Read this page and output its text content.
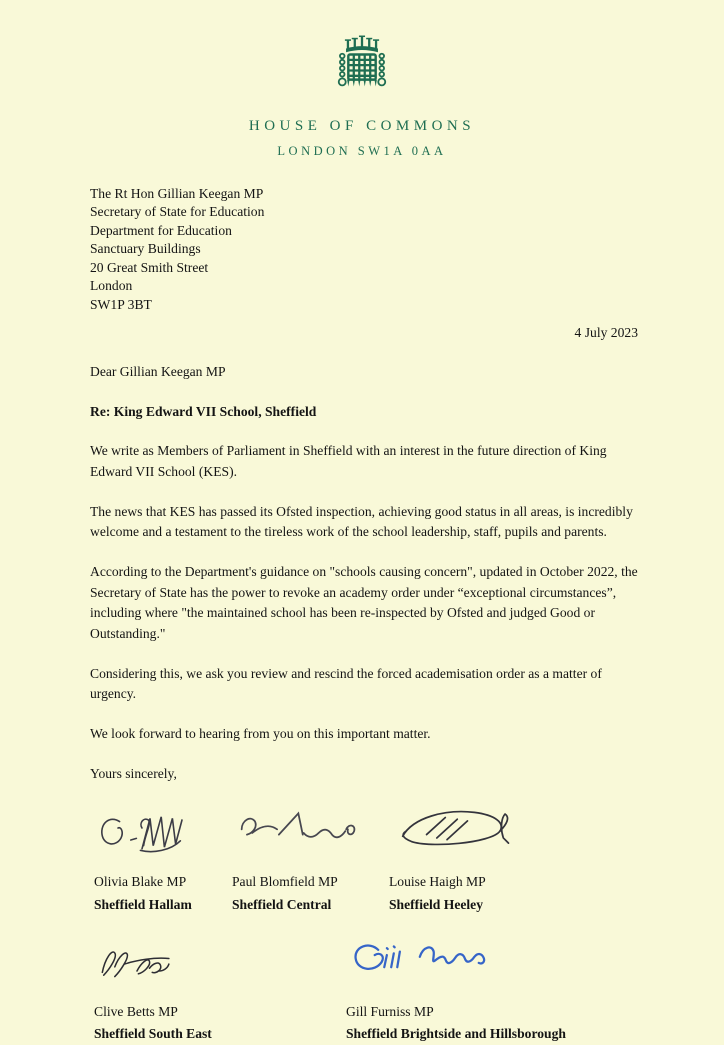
HOUSE OF COMMONS
LONDON SW1A 0AA
The Rt Hon Gillian Keegan MP
Secretary of State for Education
Department for Education
Sanctuary Buildings
20 Great Smith Street
London
SW1P 3BT
4 July 2023
Dear Gillian Keegan MP
Re: King Edward VII School, Sheffield

We write as Members of Parliament in Sheffield with an interest in the future direction of King Edward VII School (KES).

The news that KES has passed its Ofsted inspection, achieving good status in all areas, is incredibly welcome and a testament to the tireless work of the school leadership, staff, pupils and parents.

According to the Department's guidance on "schools causing concern", updated in October 2022, the Secretary of State has the power to revoke an academy order under “exceptional circumstances”, including where "the maintained school has been re-inspected by Ofsted and judged Good or Outstanding."

Considering this, we ask you review and rescind the forced academisation order as a matter of urgency.

We look forward to hearing from you on this important matter.

Yours sincerely,
Olivia Blake MP
Sheffield Hallam
Paul Blomfield MP
Sheffield Central
Louise Haigh MP
Sheffield Heeley
Clive Betts MP
Sheffield South East
Gill Furniss MP
Sheffield Brightside and Hillsborough
